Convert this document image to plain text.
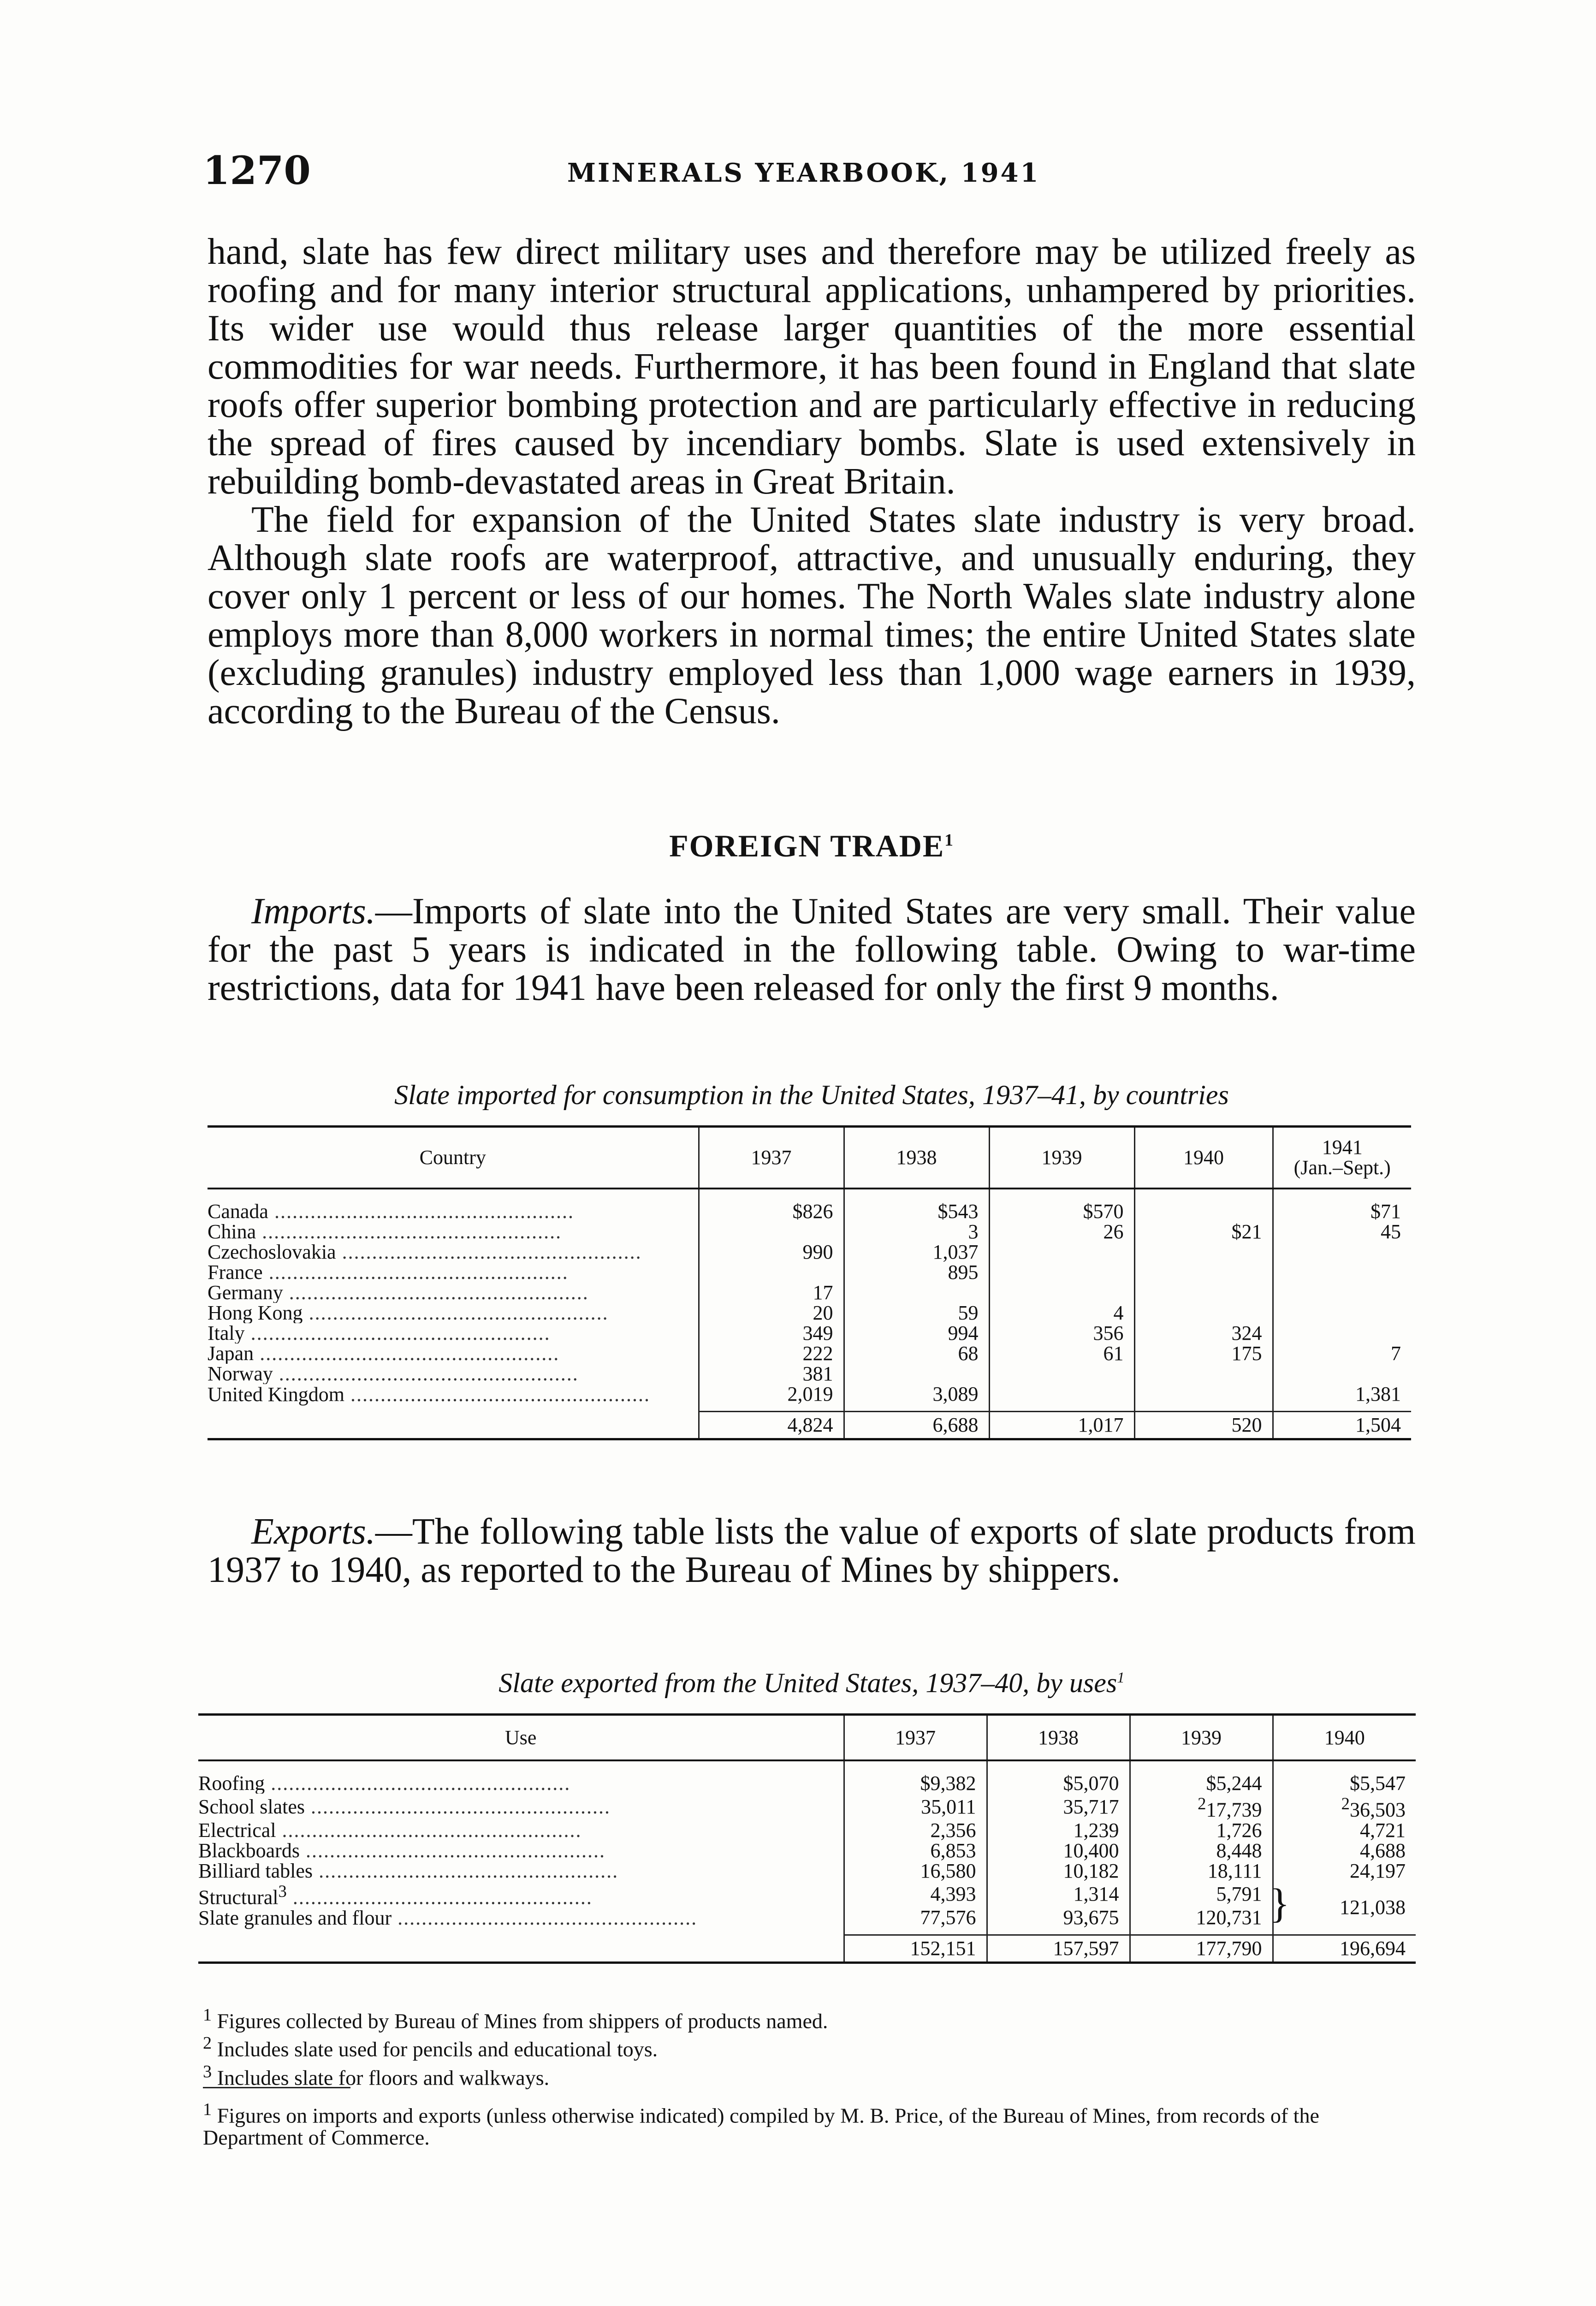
1270	MINERALS YEARBOOK, 1941

hand, slate has few direct military uses and therefore may be utilized freely as roofing and for many interior structural applications, unhampered by priorities. Its wider use would thus release larger quantities of the more essential commodities for war needs. Furthermore, it has been found in England that slate roofs offer superior bombing protection and are particularly effective in reducing the spread of fires caused by incendiary bombs. Slate is used extensively in rebuilding bomb-devastated areas in Great Britain.

The field for expansion of the United States slate industry is very broad. Although slate roofs are waterproof, attractive, and unusually enduring, they cover only 1 percent or less of our homes. The North Wales slate industry alone employs more than 8,000 workers in normal times; the entire United States slate (excluding granules) industry employed less than 1,000 wage earners in 1939, according to the Bureau of the Census.

FOREIGN TRADE$^1$

Imports.—Imports of slate into the United States are very small. Their value for the past 5 years is indicated in the following table. Owing to war-time restrictions, data for 1941 have been released for only the first 9 months.

Slate imported for consumption in the United States, 1937–41, by countries
Country	1937	1938	1939	1940	1941
(Jan.–Sept.)
Canada ..................................................	$826	$543	$570		$71
China ..................................................		3	26	$21	45
Czechoslovakia ..................................................	990	1,037			
France ..................................................		895			
Germany ..................................................	17				
Hong Kong ..................................................	20	59	4		
Italy ..................................................	349	994	356	324	
Japan ..................................................	222	68	61	175	7
Norway ..................................................	381				
United Kingdom ..................................................	2,019	3,089			1,381
	4,824	6,688	1,017	520	1,504

Exports.—The following table lists the value of exports of slate products from 1937 to 1940, as reported to the Bureau of Mines by shippers.

Slate exported from the United States, 1937–40, by uses$^1$
Use	1937	1938	1939	1940
Roofing ..................................................	$9,382	$5,070	$5,244	$5,547
School slates ..................................................	35,011	35,717	$^2$17,739	$^2$36,503
Electrical ..................................................	2,356	1,239	1,726	4,721
Blackboards ..................................................	6,853	10,400	8,448	4,688
Billiard tables ..................................................	16,580	10,182	18,111	24,197
Structural$^3$ ..................................................	4,393	1,314	5,791	} 121,038
Slate granules and flour ..................................................	77,576	93,675	120,731	
	152,151	157,597	177,790	196,694

$^1$ Figures collected by Bureau of Mines from shippers of products named.

$^2$ Includes slate used for pencils and educational toys.

$^3$ Includes slate for floors and walkways.

$^1$ Figures on imports and exports (unless otherwise indicated) compiled by M. B. Price, of the Bureau of Mines, from records of the Department of Commerce.
